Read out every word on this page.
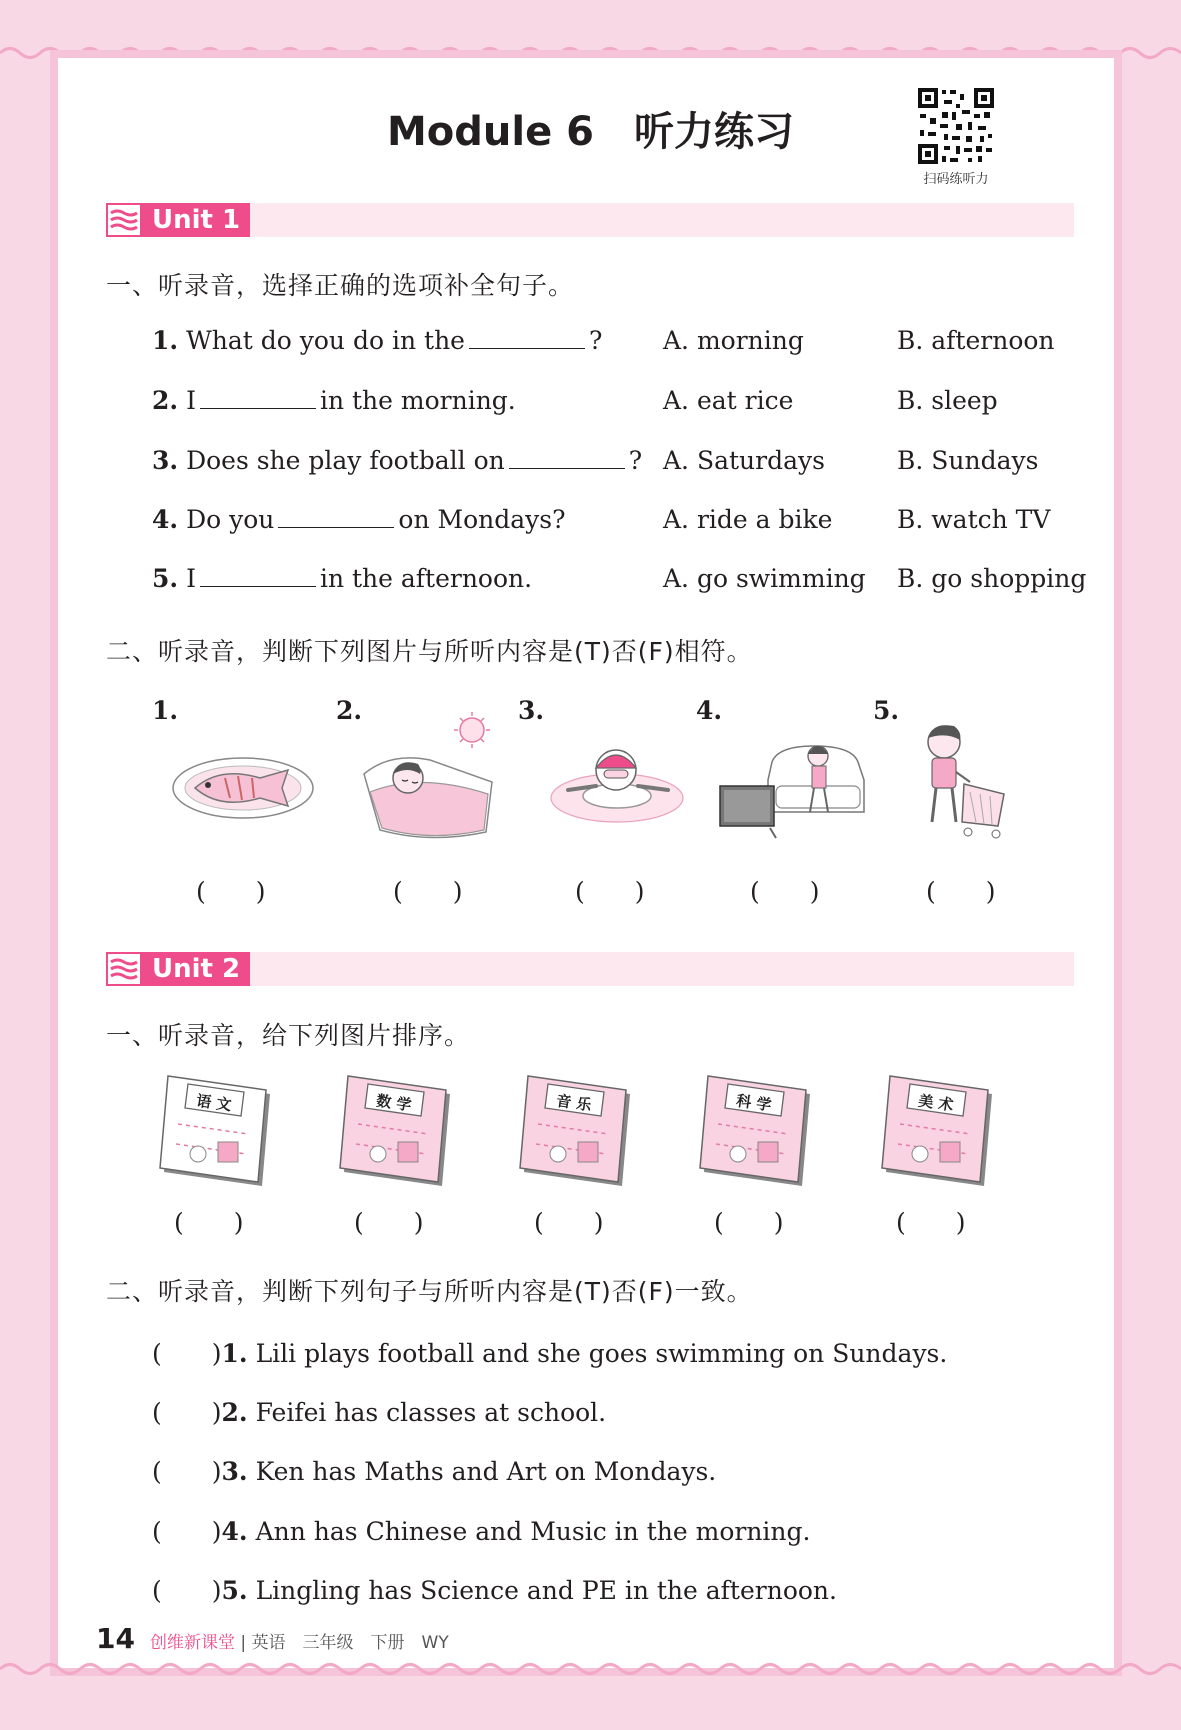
Module 6　听力练习
扫码练听力
Unit 1
一、听录音，选择正确的选项补全句子。
1. What do you do in the	? A. morning	B. afternoon
2. I	in the morning.	A. eat rice	B. sleep
3. Does she play football on	? A. Saturdays	B. Sundays
4. Do you	on Mondays?	A. ride a bike	B. watch TV
5. I	in the afternoon.	A. go swimming B. go shopping
二、听录音，判断下列图片与所听内容是(T)否(F)相符。
1.	2.	3.	4.	5.
(　　)	(　　)	(　　)	(　　)	(　　)
Unit 2
一、听录音，给下列图片排序。
语 文
(　　)
数 学
(　　)
音 乐
(　　)
科 学
(　　)
美 术
(　　)
二、听录音，判断下列句子与所听内容是(T)否(F)一致。
(　　)1. Lili plays football and she goes swimming on Sundays.
(　　)2. Feifei has classes at school.
(　　)3. Ken has Maths and Art on Mondays.
(　　)4. Ann has Chinese and Music in the morning.
(　　)5. Lingling has Science and PE in the afternoon.
14 创维新课堂 | 英语　三年级　下册　WY
